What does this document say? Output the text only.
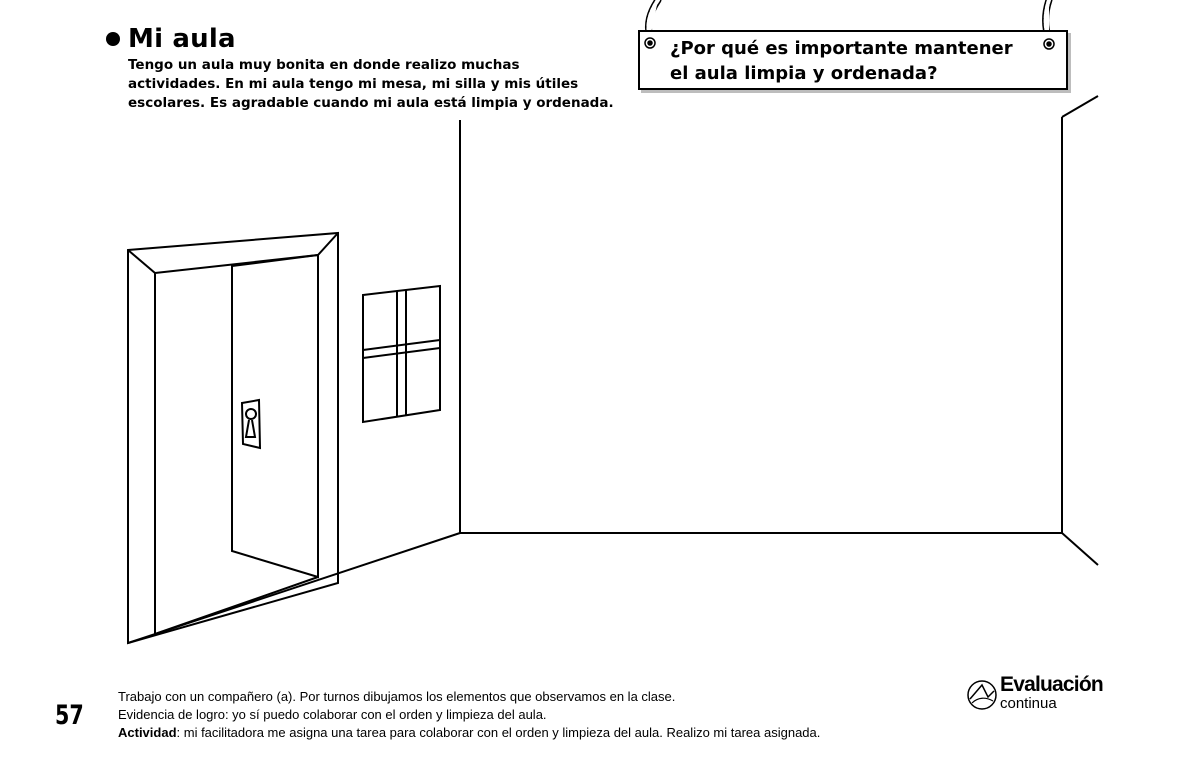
Mi aula
Tengo un aula muy bonita en donde realizo muchas
actividades. En mi aula tengo mi mesa, mi silla y mis útiles
escolares. Es agradable cuando mi aula está limpia y ordenada.
¿Por qué es importante mantener
el aula limpia y ordenada?
57
Trabajo con un compañero (a). Por turnos dibujamos los elementos que observamos en la clase.
Evidencia de logro: yo sí puedo colaborar con el orden y limpieza del aula.
Actividad: mi facilitadora me asigna una tarea para colaborar con el orden y limpieza del aula. Realizo mi tarea asignada.
Evaluación
continua
